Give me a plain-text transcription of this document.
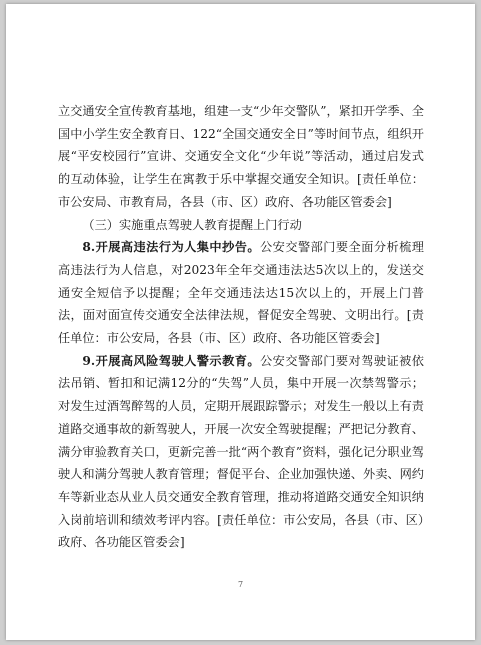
立交通安全宣传教育基地，组建一支“少年交警队”，紧扣开学季、全国中小学生安全教育日、122“全国交通安全日”等时间节点，组织开展“平安校园行”宣讲、交通安全文化“少年说”等活动，通过启发式的互动体验，让学生在寓教于乐中掌握交通安全知识。[责任单位：市公安局、市教育局，各县（市、区）政府、各功能区管委会]

（三）实施重点驾驶人教育提醒上门行动

8.开展高违法行为人集中抄告。公安交警部门要全面分析梳理高违法行为人信息，对2023年全年交通违法达5次以上的，发送交通安全短信予以提醒；全年交通违法达15次以上的，开展上门普法，面对面宣传交通安全法律法规，督促安全驾驶、文明出行。[责任单位：市公安局，各县（市、区）政府、各功能区管委会]

9.开展高风险驾驶人警示教育。公安交警部门要对驾驶证被依法吊销、暂扣和记满12分的“失驾”人员，集中开展一次禁驾警示；对发生过酒驾醉驾的人员，定期开展跟踪警示；对发生一般以上有责道路交通事故的新驾驶人，开展一次安全驾驶提醒；严把记分教育、满分审验教育关口，更新完善一批“两个教育”资料，强化记分职业驾驶人和满分驾驶人教育管理；督促平台、企业加强快递、外卖、网约车等新业态从业人员交通安全教育管理，推动将道路交通安全知识纳入岗前培训和绩效考评内容。[责任单位：市公安局，各县（市、区）政府、各功能区管委会]

7
